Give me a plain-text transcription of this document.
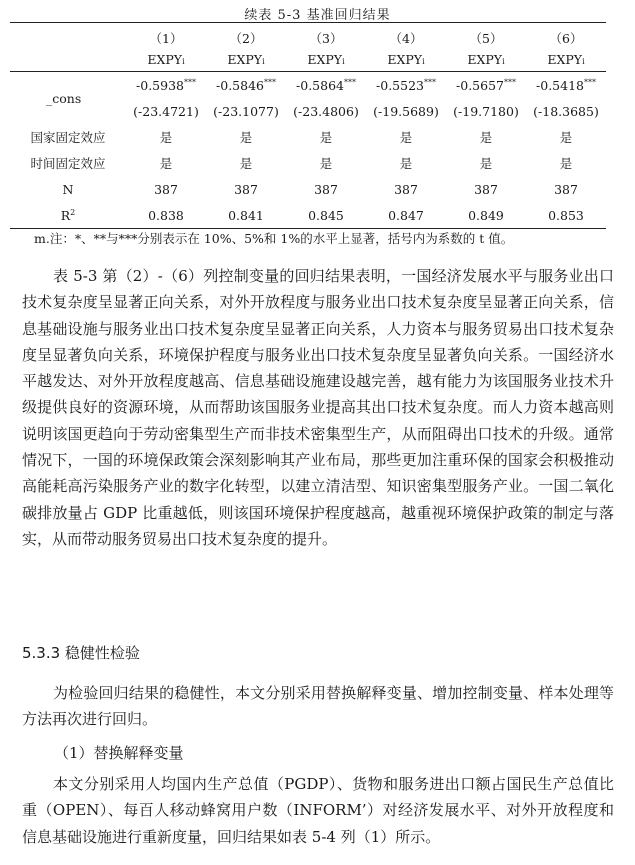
续表 5-3 基准回归结果
	（1）	（2）	（3）	（4）	（5）	（6）
	EXPYi	EXPYi	EXPYi	EXPYi	EXPYi	EXPYi
_cons	-0.5938***	-0.5846***	-0.5864***	-0.5523***	-0.5657***	-0.5418***
	(-23.4721)	(-23.1077)	(-23.4806)	(-19.5689)	(-19.7180)	(-18.3685)
国家固定效应	是	是	是	是	是	是
时间固定效应	是	是	是	是	是	是
N	387	387	387	387	387	387
$R^2$	0.838	0.841	0.845	0.847	0.849	0.853
m.注：*、**与***分别表示在 10%、5%和 1%的水平上显著，括号内为系数的 t 值。

表 5-3 第（2）-（6）列控制变量的回归结果表明，一国经济发展水平与服务业出口技术复杂度呈显著正向关系，对外开放程度与服务业出口技术复杂度呈显著正向关系，信息基础设施与服务业出口技术复杂度呈显著正向关系，人力资本与服务贸易出口技术复杂度呈显著负向关系，环境保护程度与服务业出口技术复杂度呈显著负向关系。一国经济水平越发达、对外开放程度越高、信息基础设施建设越完善，越有能力为该国服务业技术升级提供良好的资源环境，从而帮助该国服务业提高其出口技术复杂度。而人力资本越高则说明该国更趋向于劳动密集型生产而非技术密集型生产，从而阻碍出口技术的升级。通常情况下，一国的环境保政策会深刻影响其产业布局，那些更加注重环保的国家会积极推动高能耗高污染服务产业的数字化转型，以建立清洁型、知识密集型服务产业。一国二氧化碳排放量占 GDP 比重越低，则该国环境保护程度越高，越重视环境保护政策的制定与落实，从而带动服务贸易出口技术复杂度的提升。

5.3.3 稳健性检验

为检验回归结果的稳健性，本文分别采用替换解释变量、增加控制变量、样本处理等方法再次进行回归。

（1）替换解释变量

本文分别采用人均国内生产总值（PGDP）、货物和服务进出口额占国民生产总值比重（OPEN）、每百人移动蜂窝用户数（INFORM’）对经济发展水平、对外开放程度和信息基础设施进行重新度量，回归结果如表 5-4 列（1）所示。
